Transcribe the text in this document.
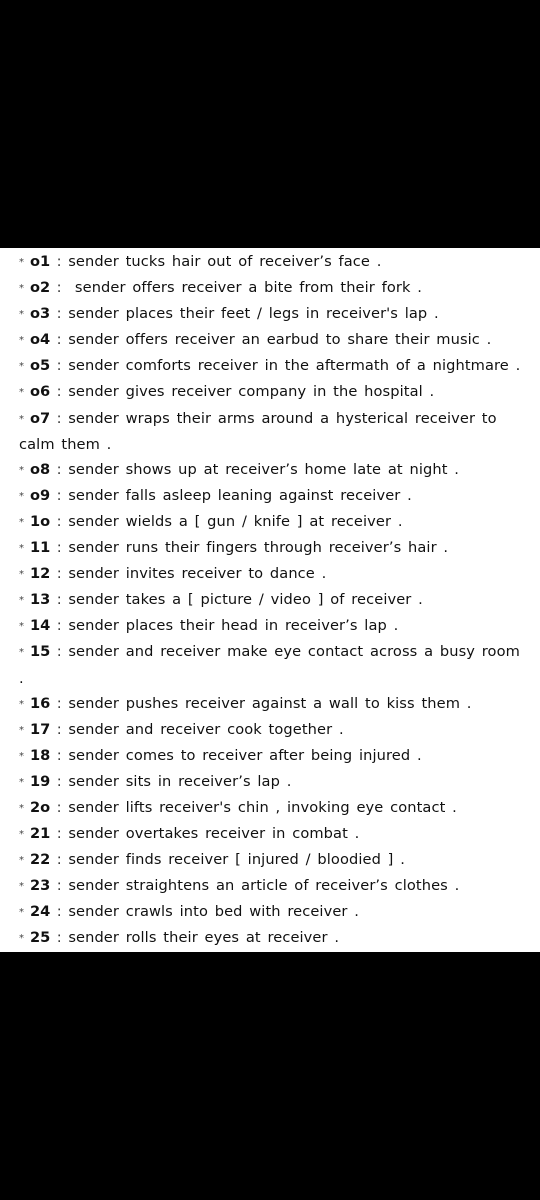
* o1 : sender tucks hair out of receiver’s face .
* o2 : sender offers receiver a bite from their fork .
* o3 : sender places their feet / legs in receiver's lap .
* o4 : sender offers receiver an earbud to share their music .
* o5 : sender comforts receiver in the aftermath of a nightmare .
* o6 : sender gives receiver company in the hospital .
* o7 : sender wraps their arms around a hysterical receiver to calm them .
* o8 : sender shows up at receiver’s home late at night .
* o9 : sender falls asleep leaning against receiver .
* 1o : sender wields a [ gun / knife ] at receiver .
* 11 : sender runs their fingers through receiver’s hair .
* 12 : sender invites receiver to dance .
* 13 : sender takes a [ picture / video ] of receiver .
* 14 : sender places their head in receiver’s lap .
* 15 : sender and receiver make eye contact across a busy room .
* 16 : sender pushes receiver against a wall to kiss them .
* 17 : sender and receiver cook together .
* 18 : sender comes to receiver after being injured .
* 19 : sender sits in receiver’s lap .
* 2o : sender lifts receiver's chin , invoking eye contact .
* 21 : sender overtakes receiver in combat .
* 22 : sender finds receiver [ injured / bloodied ] .
* 23 : sender straightens an article of receiver’s clothes .
* 24 : sender crawls into bed with receiver .
* 25 : sender rolls their eyes at receiver .
